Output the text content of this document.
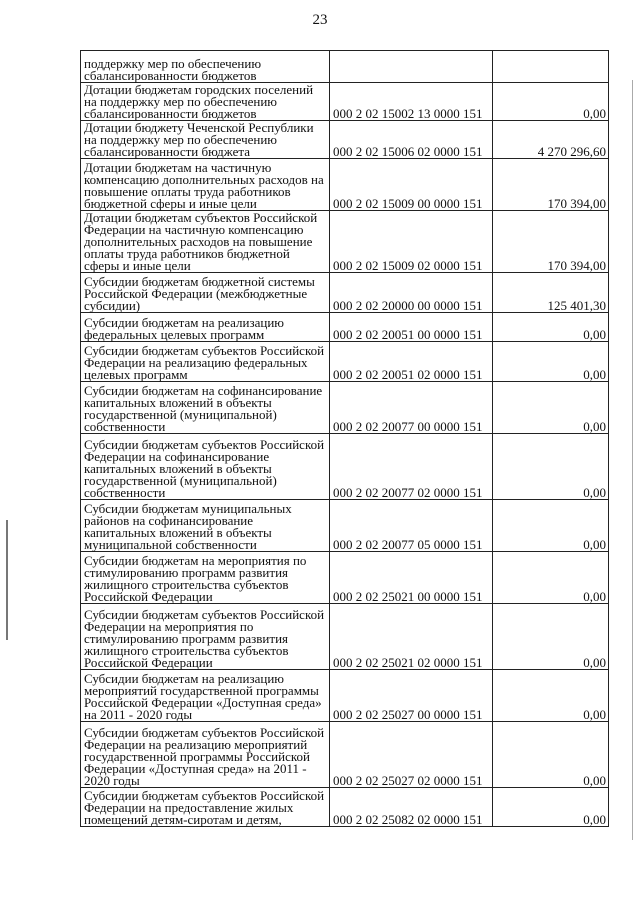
23
поддержку мер по обеспечению сбалансированности бюджетов		
Дотации бюджетам городских поселений на поддержку мер по обеспечению сбалансированности бюджетов	000 2 02 15002 13 0000 151	0,00
Дотации бюджету Чеченской Республики на поддержку мер по обеспечению сбалансированности бюджета	000 2 02 15006 02 0000 151	4 270 296,60
Дотации бюджетам на частичную компенсацию дополнительных расходов на повышение оплаты труда работников бюджетной сферы и иные цели	000 2 02 15009 00 0000 151	170 394,00
Дотации бюджетам субъектов Российской Федерации на частичную компенсацию дополнительных расходов на повышение оплаты труда работников бюджетной сферы и иные цели	000 2 02 15009 02 0000 151	170 394,00
Субсидии бюджетам бюджетной системы Российской Федерации (межбюджетные субсидии)	000 2 02 20000 00 0000 151	125 401,30
Субсидии бюджетам на реализацию федеральных целевых программ	000 2 02 20051 00 0000 151	0,00
Субсидии бюджетам субъектов Российской Федерации на реализацию федеральных целевых программ	000 2 02 20051 02 0000 151	0,00
Субсидии бюджетам на софинансирование капитальных вложений в объекты государственной (муниципальной) собственности	000 2 02 20077 00 0000 151	0,00
Субсидии бюджетам субъектов Российской Федерации на софинансирование капитальных вложений в объекты государственной (муниципальной) собственности	000 2 02 20077 02 0000 151	0,00
Субсидии бюджетам муниципальных районов на софинансирование капитальных вложений в объекты муниципальной собственности	000 2 02 20077 05 0000 151	0,00
Субсидии бюджетам на мероприятия по стимулированию программ развития жилищного строительства субъектов Российской Федерации	000 2 02 25021 00 0000 151	0,00
Субсидии бюджетам субъектов Российской Федерации на мероприятия по стимулированию программ развития жилищного строительства субъектов Российской Федерации	000 2 02 25021 02 0000 151	0,00
Субсидии бюджетам на реализацию мероприятий государственной программы Российской Федерации «Доступная среда» на 2011 - 2020 годы	000 2 02 25027 00 0000 151	0,00
Субсидии бюджетам субъектов Российской Федерации на реализацию мероприятий государственной программы Российской Федерации «Доступная среда» на 2011 - 2020 годы	000 2 02 25027 02 0000 151	0,00
Субсидии бюджетам субъектов Российской Федерации на предоставление жилых помещений детям-сиротам и детям,	000 2 02 25082 02 0000 151	0,00
